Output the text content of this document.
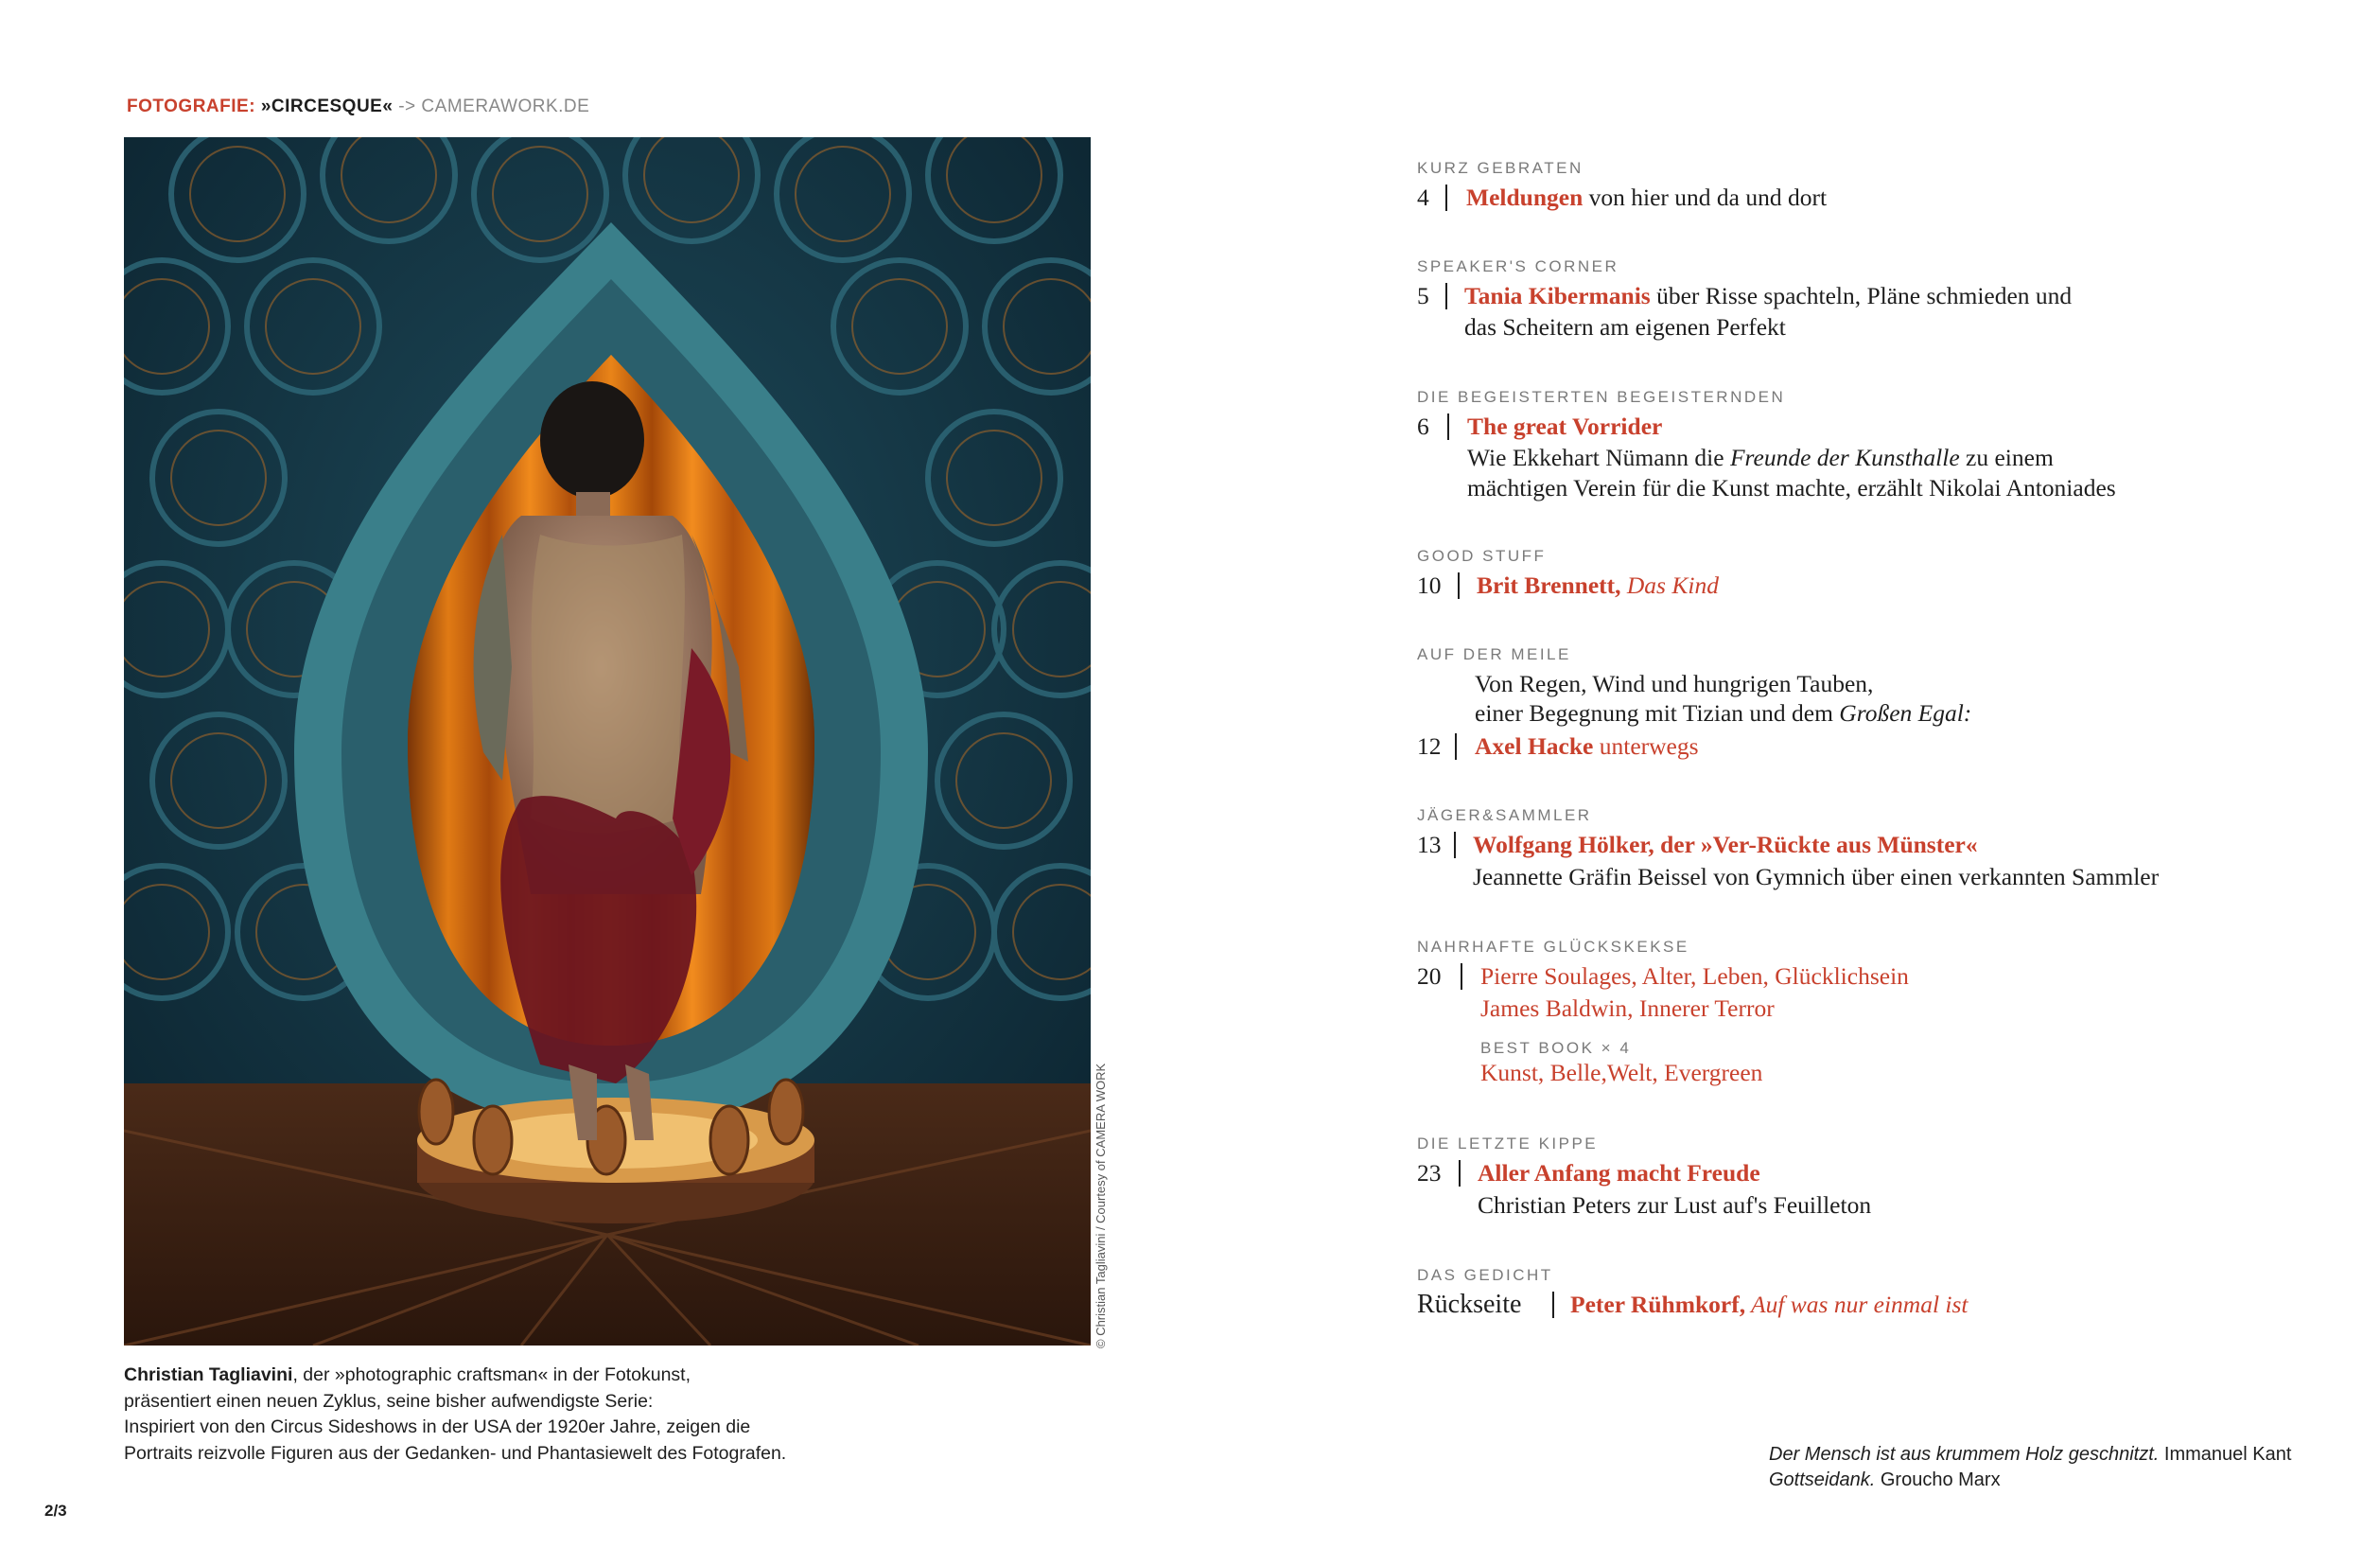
FOTOGRAFIE: »CIRCESQUE« -> CAMERAWORK.DE
© Christian Tagliavini / Courtesy of CAMERA WORK
Christian Tagliavini, der »photographic craftsman« in der Fotokunst,
präsentiert einen neuen Zyklus, seine bisher aufwendigste Serie:
Inspiriert von den Circus Sideshows in der USA der 1920er Jahre, zeigen die
Portraits reizvolle Figuren aus der Gedanken- und Phantasiewelt des Fotografen.
2/3
KURZ GEBRATEN
4 Meldungen von hier und da und dort
SPEAKER'S CORNER
5 Tania Kibermanis über Risse spachteln, Pläne schmieden und
das Scheitern am eigenen Perfekt
DIE BEGEISTERTEN BEGEISTERNDEN
6 The great Vorrider
Wie Ekkehart Nümann die Freunde der Kunsthalle zu einem
mächtigen Verein für die Kunst machte, erzählt Nikolai Antoniades
GOOD STUFF
10 Brit Brennett, Das Kind
AUF DER MEILE
Von Regen, Wind und hungrigen Tauben,
einer Begegnung mit Tizian und dem Großen Egal:
12 Axel Hacke unterwegs
JÄGER&SAMMLER
13 Wolfgang Hölker, der »Ver-Rückte aus Münster«
Jeannette Gräfin Beissel von Gymnich über einen verkannten Sammler
NAHRHAFTE GLÜCKSKEKSE
20 Pierre Soulages, Alter, Leben, Glücklichsein
James Baldwin, Innerer Terror
BEST BOOK × 4
Kunst, Belle,Welt, Evergreen
DIE LETZTE KIPPE
23 Aller Anfang macht Freude
Christian Peters zur Lust auf's Feuilleton
DAS GEDICHT
Rückseite Peter Rühmkorf, Auf was nur einmal ist
Der Mensch ist aus krummem Holz geschnitzt. Immanuel Kant
Gottseidank. Groucho Marx
